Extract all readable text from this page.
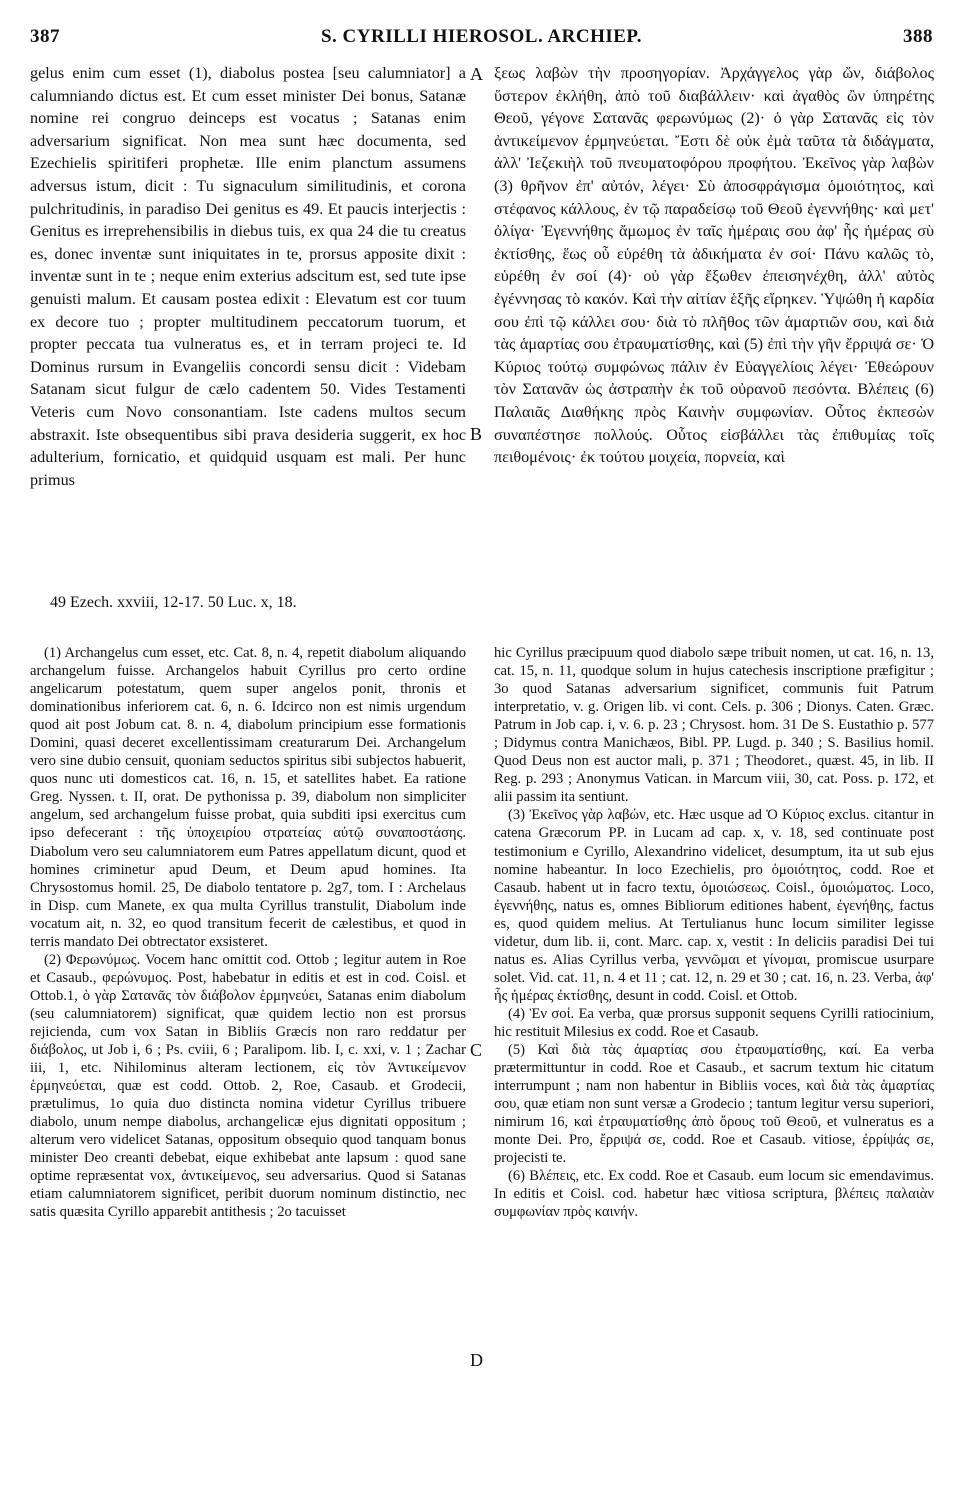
387	S. CYRILLI HIEROSOL. ARCHIEP.	388
gelus enim cum esset (1), diabolus postea [seu calumniator] a calumniando dictus est. Et cum esset minister Dei bonus, Satanæ nomine rei congruo deinceps est vocatus ; Satanas enim adversarium significat. Non mea sunt hæc documenta, sed Ezechielis spiritiferi prophetæ. Ille enim planctum assumens adversus istum, dicit : Tu signaculum similitudinis, et corona pulchritudinis, in paradiso Dei genitus es 49. Et paucis interjectis : Genitus es irreprehensibilis in diebus tuis, ex qua 24 die tu creatus es, donec inventæ sunt iniquitates in te, prorsus apposite dixit : inventæ sunt in te ; neque enim exterius adscitum est, sed tute ipse genuisti malum. Et causam postea edixit : Elevatum est cor tuum ex decore tuo ; propter multitudinem peccatorum tuorum, et propter peccata tua vulneratus es, et in terram projeci te. Id Dominus rursum in Evangeliis concordi sensu dicit : Videbam Satanam sicut fulgur de cælo cadentem 50. Vides Testamenti Veteris cum Novo consonantiam. Iste cadens multos secum abstraxit. Iste obsequentibus sibi prava desideria suggerit, ex hoc adulterium, fornicatio, et quidquid usquam est mali. Per hunc primus
ξεως λαβὼν τὴν προσηγορίαν. Ἀρχάγγελος γὰρ ὤν, διάβολος ὕστερον ἐκλήθη, ἀπὸ τοῦ διαβάλλειν· καὶ ἀγαθὸς ὢν ὑπηρέτης Θεοῦ, γέγονε Σατανᾶς φερωνύμως (2)· ὁ γὰρ Σατανᾶς εἰς τὸν ἀντικείμενον ἑρμηνεύεται. Ἔστι δὲ οὐκ ἐμὰ ταῦτα τὰ διδάγματα, ἀλλ' Ἰεζεκιὴλ τοῦ πνευματοφόρου προφήτου. Ἐκεῖνος γὰρ λαβὼν (3) θρῆνον ἐπ' αὐτόν, λέγει· Σὺ ἀποσφράγισμα ὁμοιότητος, καὶ στέφανος κάλλους, ἐν τῷ παραδείσῳ τοῦ Θεοῦ ἐγεννήθης· καὶ μετ' ὀλίγα· Ἐγεννήθης ἄμωμος ἐν ταῖς ἡμέραις σου ἀφ' ἧς ἡμέρας σὺ ἐκτίσθης, ἕως οὗ εὑρέθη τὰ ἀδικήματα ἐν σοί· Πάνυ καλῶς τὸ, εὑρέθη ἐν σοί (4)· οὐ γὰρ ἔξωθεν ἐπεισηνέχθη, ἀλλ' αὐτὸς ἐγέννησας τὸ κακόν. Καὶ τὴν αἰτίαν ἑξῆς εἴρηκεν. Ὑψώθη ἡ καρδία σου ἐπὶ τῷ κάλλει σου· διὰ τὸ πλῆθος τῶν ἁμαρτιῶν σου, καὶ διὰ τὰς ἁμαρτίας σου ἐτραυματίσθης, καὶ (5) ἐπὶ τὴν γῆν ἔρριψά σε· Ὁ Κύριος τούτῳ συμφώνως πάλιν ἐν Εὐαγγελίοις λέγει· Ἐθεώρουν τὸν Σατανᾶν ὡς ἀστραπὴν ἐκ τοῦ οὐρανοῦ πεσόντα. Βλέπεις (6) Παλαιᾶς Διαθήκης πρὸς Καινὴν συμφωνίαν. Οὗτος ἐκπεσὼν συναπέστησε πολλούς. Οὗτος εἰσβάλλει τὰς ἐπιθυμίας τοῖς πειθομένοις· ἐκ τούτου μοιχεία, πορνεία, καὶ
A
B
C
D
49 Ezech. xxviii, 12-17. 50 Luc. x, 18.

(1) Archangelus cum esset, etc. Cat. 8, n. 4, repetit diabolum aliquando archangelum fuisse. Archangelos habuit Cyrillus pro certo ordine angelicarum potestatum, quem super angelos ponit, thronis et dominationibus inferiorem cat. 6, n. 6. Idcirco non est nimis urgendum quod ait post Jobum cat. 8. n. 4, diabolum principium esse formationis Domini, quasi deceret excellentissimam creaturarum Dei. Archangelum vero sine dubio censuit, quoniam seductos spiritus sibi subjectos habuerit, quos nunc uti domesticos cat. 16, n. 15, et satellites habet. Ea ratione Greg. Nyssen. t. II, orat. De pythonissa p. 39, diabolum non simpliciter angelum, sed archangelum fuisse probat, quia subditi ipsi exercitus cum ipso defecerant : τῆς ὑποχειρίου στρατείας αὐτῷ συναποστάσης. Diabolum vero seu calumniatorem eum Patres appellatum dicunt, quod et homines criminetur apud Deum, et Deum apud homines. Ita Chrysostomus homil. 25, De diabolo tentatore p. 2g7, tom. I : Archelaus in Disp. cum Manete, ex qua multa Cyrillus transtulit, Diabolum inde vocatum ait, n. 32, eo quod transitum fecerit de cælestibus, et quod in terris mandato Dei obtrectator exsisteret.

(2) Φερωνύμως. Vocem hanc omittit cod. Ottob ; legitur autem in Roe et Casaub., φερώνυμος. Post, habebatur in editis et est in cod. Coisl. et Ottob.1, ὁ γὰρ Σατανᾶς τὸν διάβολον ἑρμηνεύει, Satanas enim diabolum (seu calumniatorem) significat, quæ quidem lectio non est prorsus rejicienda, cum vox Satan in Bibliis Græcis non raro reddatur per διάβολος, ut Job i, 6 ; Ps. cviii, 6 ; Paralipom. lib. I, c. xxi, v. 1 ; Zachar iii, 1, etc. Nihilominus alteram lectionem, εἰς τὸν Ἀντικείμενον ἑρμηνεύεται, quæ est codd. Ottob. 2, Roe, Casaub. et Grodecii, prætulimus, 1o quia duo distincta nomina videtur Cyrillus tribuere diabolo, unum nempe diabolus, archangelicæ ejus dignitati oppositum ; alterum vero videlicet Satanas, oppositum obsequio quod tanquam bonus minister Deo creanti debebat, eique exhibebat ante lapsum : quod sane optime repræsentat vox, ἀντικείμενος, seu adversarius. Quod si Satanas etiam calumniatorem significet, peribit duorum nominum distinctio, nec satis quæsita Cyrillo apparebit antithesis ; 2o tacuisset

hic Cyrillus præcipuum quod diabolo sæpe tribuit nomen, ut cat. 16, n. 13, cat. 15, n. 11, quodque solum in hujus catechesis inscriptione præfigitur ; 3o quod Satanas adversarium significet, communis fuit Patrum interpretatio, v. g. Origen lib. vi cont. Cels. p. 306 ; Dionys. Caten. Græc. Patrum in Job cap. i, v. 6. p. 23 ; Chrysost. hom. 31 De S. Eustathio p. 577 ; Didymus contra Manichæos, Bibl. PP. Lugd. p. 340 ; S. Basilius homil. Quod Deus non est auctor mali, p. 371 ; Theodoret., quæst. 45, in lib. II Reg. p. 293 ; Anonymus Vatican. in Marcum viii, 30, cat. Poss. p. 172, et alii passim ita sentiunt.

(3) Ἐκεῖνος γὰρ λαβών, etc. Hæc usque ad Ὁ Κύριος exclus. citantur in catena Græcorum PP. in Lucam ad cap. x, v. 18, sed continuate post testimonium e Cyrillo, Alexandrino videlicet, desumptum, ita ut sub ejus nomine habeantur. In loco Ezechielis, pro ὁμοιότητος, codd. Roe et Casaub. habent ut in facro textu, ὁμοιώσεως. Coisl., ὁμοιώματος. Loco, ἐγεννήθης, natus es, omnes Bibliorum editiones habent, ἐγενήθης, factus es, quod quidem melius. At Tertulianus hunc locum similiter legisse videtur, dum lib. ii, cont. Marc. cap. x, vestit : In deliciis paradisi Dei tui natus es. Alias Cyrillus verba, γεννῶμαι et γίνομαι, promiscue usurpare solet. Vid. cat. 11, n. 4 et 11 ; cat. 12, n. 29 et 30 ; cat. 16, n. 23. Verba, ἀφ' ἧς ἡμέρας ἐκτίσθης, desunt in codd. Coisl. et Ottob.

(4) Ἐν σοί. Ea verba, quæ prorsus supponit sequens Cyrilli ratiocinium, hic restituit Milesius ex codd. Roe et Casaub.

(5) Καὶ διὰ τὰς ἁμαρτίας σου ἐτραυματίσθης, καί. Ea verba prætermittuntur in codd. Roe et Casaub., et sacrum textum hic citatum interrumpunt ; nam non habentur in Bibliis voces, καὶ διὰ τὰς ἁμαρτίας σου, quæ etiam non sunt versæ a Grodecio ; tantum legitur versu superiori, nimirum 16, καὶ ἐτραυματίσθης ἀπὸ ὄρους τοῦ Θεοῦ, et vulneratus es a monte Dei. Pro, ἔρριψά σε, codd. Roe et Casaub. vitiose, ἐρρίψάς σε, projecisti te.

(6) Βλέπεις, etc. Ex codd. Roe et Casaub. eum locum sic emendavimus. In editis et Coisl. cod. habetur hæc vitiosa scriptura, βλέπεις παλαιὰν συμφωνίαν πρὸς καινήν.
